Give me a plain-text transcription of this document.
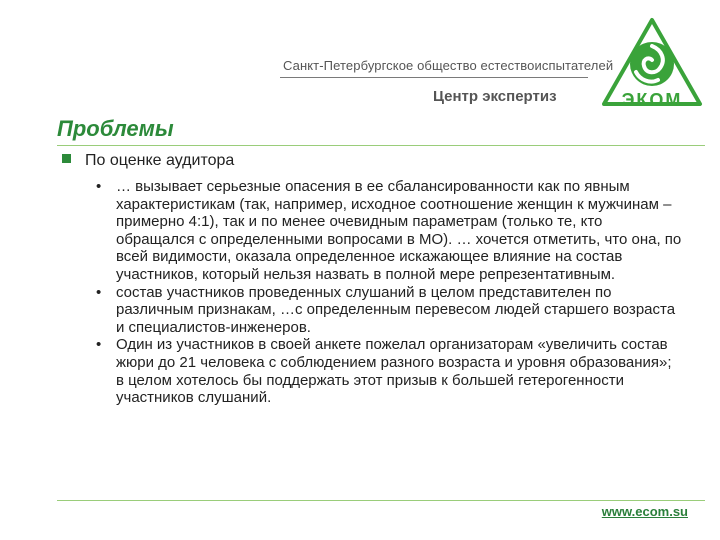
Санкт-Петербургское общество естествоиспытателей
Центр экспертиз	ЭКОМ
Проблемы
По оценке аудитора
• … вызывает серьезные опасения в ее сбалансированности как по явным характеристикам (так, например, исходное соотношение женщин к мужчинам – примерно 4:1), так и по менее очевидным параметрам (только те, кто обращался с определенными вопросами в МО). … хочется отметить, что она, по всей видимости, оказала определенное искажающее влияние на состав участников, который нельзя назвать в полной мере репрезентативным.
• состав участников проведенных слушаний в целом представителен по различным признакам, …с определенным перевесом людей старшего возраста и специалистов-инженеров.
• Один из участников в своей анкете пожелал организаторам «увеличить состав жюри до 21 человека с соблюдением разного возраста и уровня образования»; в целом хотелось бы поддержать этот призыв к большей гетерогенности участников слушаний.
www.ecom.su
